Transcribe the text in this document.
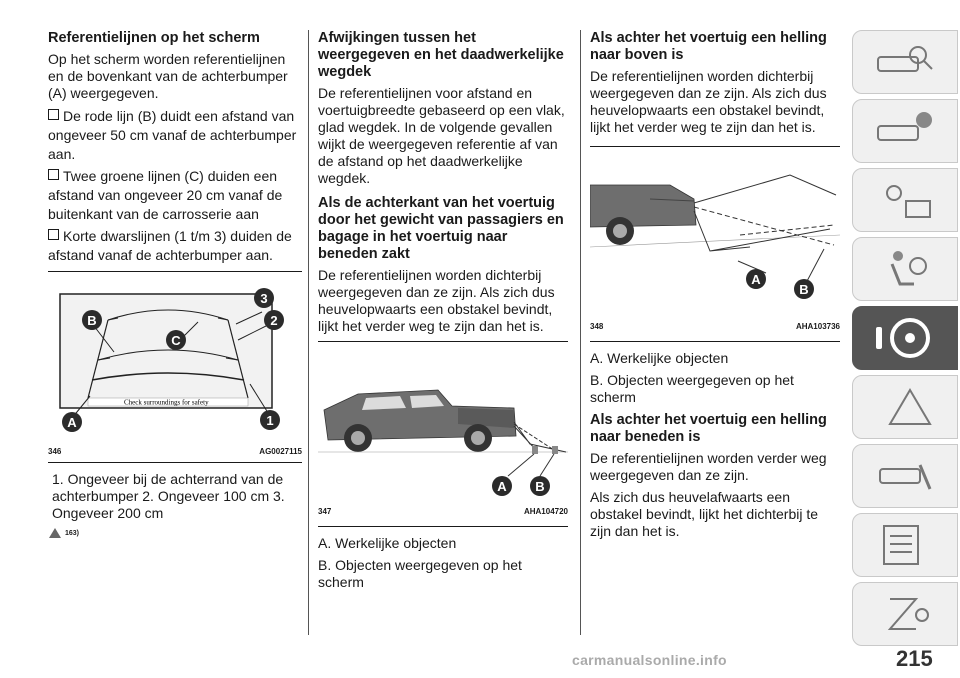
Referentielijnen op het scherm

Op het scherm worden referentielijnen en de bovenkant van de achterbumper (A) weergegeven.

De rode lijn (B) duidt een afstand van ongeveer 50 cm vanaf de achterbumper aan.
Twee groene lijnen (C) duiden een afstand van ongeveer 20 cm vanaf de buitenkant van de carrosserie aan
Korte dwarslijnen (1 t/m 3) duiden de afstand vanaf de achterbumper aan.
Check surroundings for safety
A
B
C
1
2
3
346	AG0027115

1. Ongeveer bij de achterrand van de achterbumper 2. Ongeveer 100 cm 3. Ongeveer 200 cm

163)
Afwijkingen tussen het weergegeven en het daadwerkelijke wegdek

De referentielijnen voor afstand en voertuigbreedte gebaseerd op een vlak, glad wegdek. In de volgende gevallen wijkt de weergegeven referentie af van de afstand op het daadwerkelijke wegdek.

Als de achterkant van het voertuig door het gewicht van passagiers en bagage in het voertuig naar beneden zakt

De referentielijnen worden dichterbij weergegeven dan ze zijn. Als zich dus heuvelopwaarts een obstakel bevindt, lijkt het verder weg te zijn dan het is.

A B
347	AHA104720

A. Werkelijke objecten

B. Objecten weergegeven op het scherm

Als achter het voertuig een helling naar boven is

De referentielijnen worden dichterbij weergegeven dan ze zijn. Als zich dus heuvelopwaarts een obstakel bevindt, lijkt het verder weg te zijn dan het is.

A
B
348	AHA103736

A. Werkelijke objecten

B. Objecten weergegeven op het scherm

Als achter het voertuig een helling naar beneden is

De referentielijnen worden verder weg weergegeven dan ze zijn.

Als zich dus heuvelafwaarts een obstakel bevindt, lijkt het dichterbij te zijn dan het is.

215
carmanualsonline.info
